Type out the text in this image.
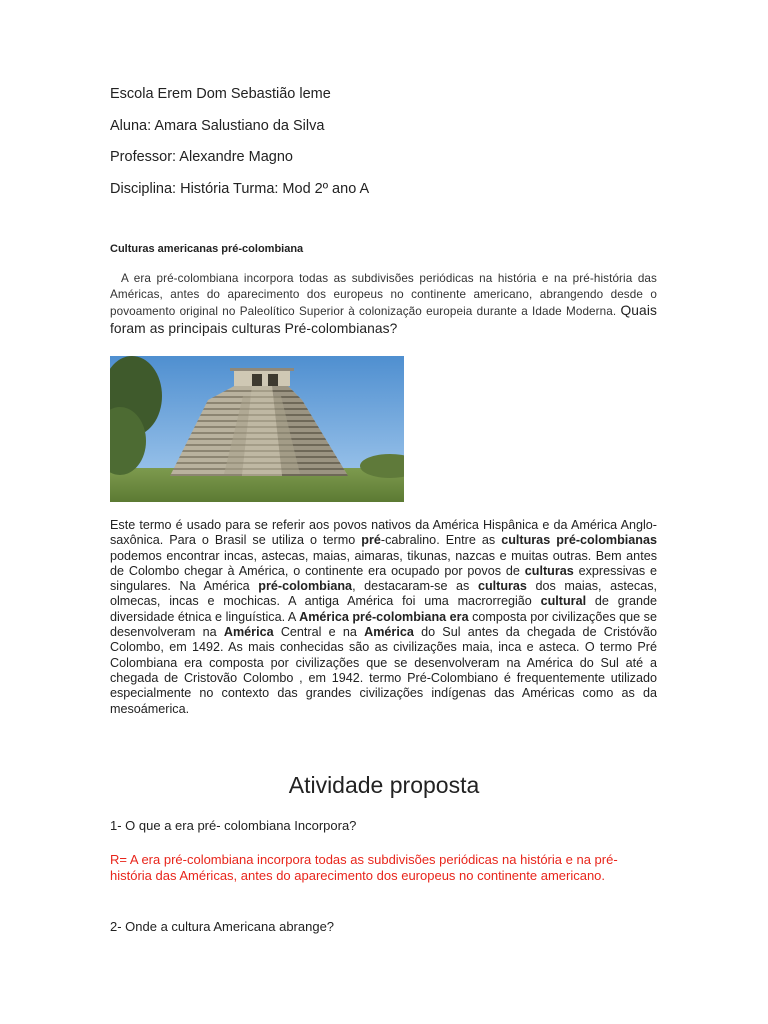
Escola Erem Dom Sebastião leme
Aluna: Amara Salustiano da Silva
Professor: Alexandre Magno
Disciplina: História Turma: Mod 2º ano A
Culturas americanas pré-colombiana
A era pré-colombiana incorpora todas as subdivisões periódicas na história e na pré-história das Américas, antes do aparecimento dos europeus no continente americano, abrangendo desde o povoamento original no Paleolítico Superior à colonização europeia durante a Idade Moderna. Quais foram as principais culturas Pré-colombianas?
Este termo é usado para se referir aos povos nativos da América Hispânica e da América Anglo-saxônica. Para o Brasil se utiliza o termo pré-cabralino. Entre as culturas pré-colombianas podemos encontrar incas, astecas, maias, aimaras, tikunas, nazcas e muitas outras. Bem antes de Colombo chegar à América, o continente era ocupado por povos de culturas expressivas e singulares. Na América pré-colombiana, destacaram-se as culturas dos maias, astecas, olmecas, incas e mochicas. A antiga América foi uma macrorregião cultural de grande diversidade étnica e linguística. A América pré-colombiana era composta por civilizações que se desenvolveram na América Central e na América do Sul antes da chegada de Cristóvão Colombo, em 1492. As mais conhecidas são as civilizações maia, inca e asteca. O termo Pré Colombiana era composta por civilizações que se desenvolveram na América do Sul até a chegada de Cristovão Colombo , em 1942. termo Pré-Colombiano é frequentemente utilizado especialmente no contexto das grandes civilizações indígenas das Américas como as da mesoámerica.
Atividade proposta
1- O que a era pré- colombiana Incorpora?
R= A era pré-colombiana incorpora todas as subdivisões periódicas na história e na pré-história das Américas, antes do aparecimento dos europeus no continente americano.
2- Onde a cultura Americana abrange?
